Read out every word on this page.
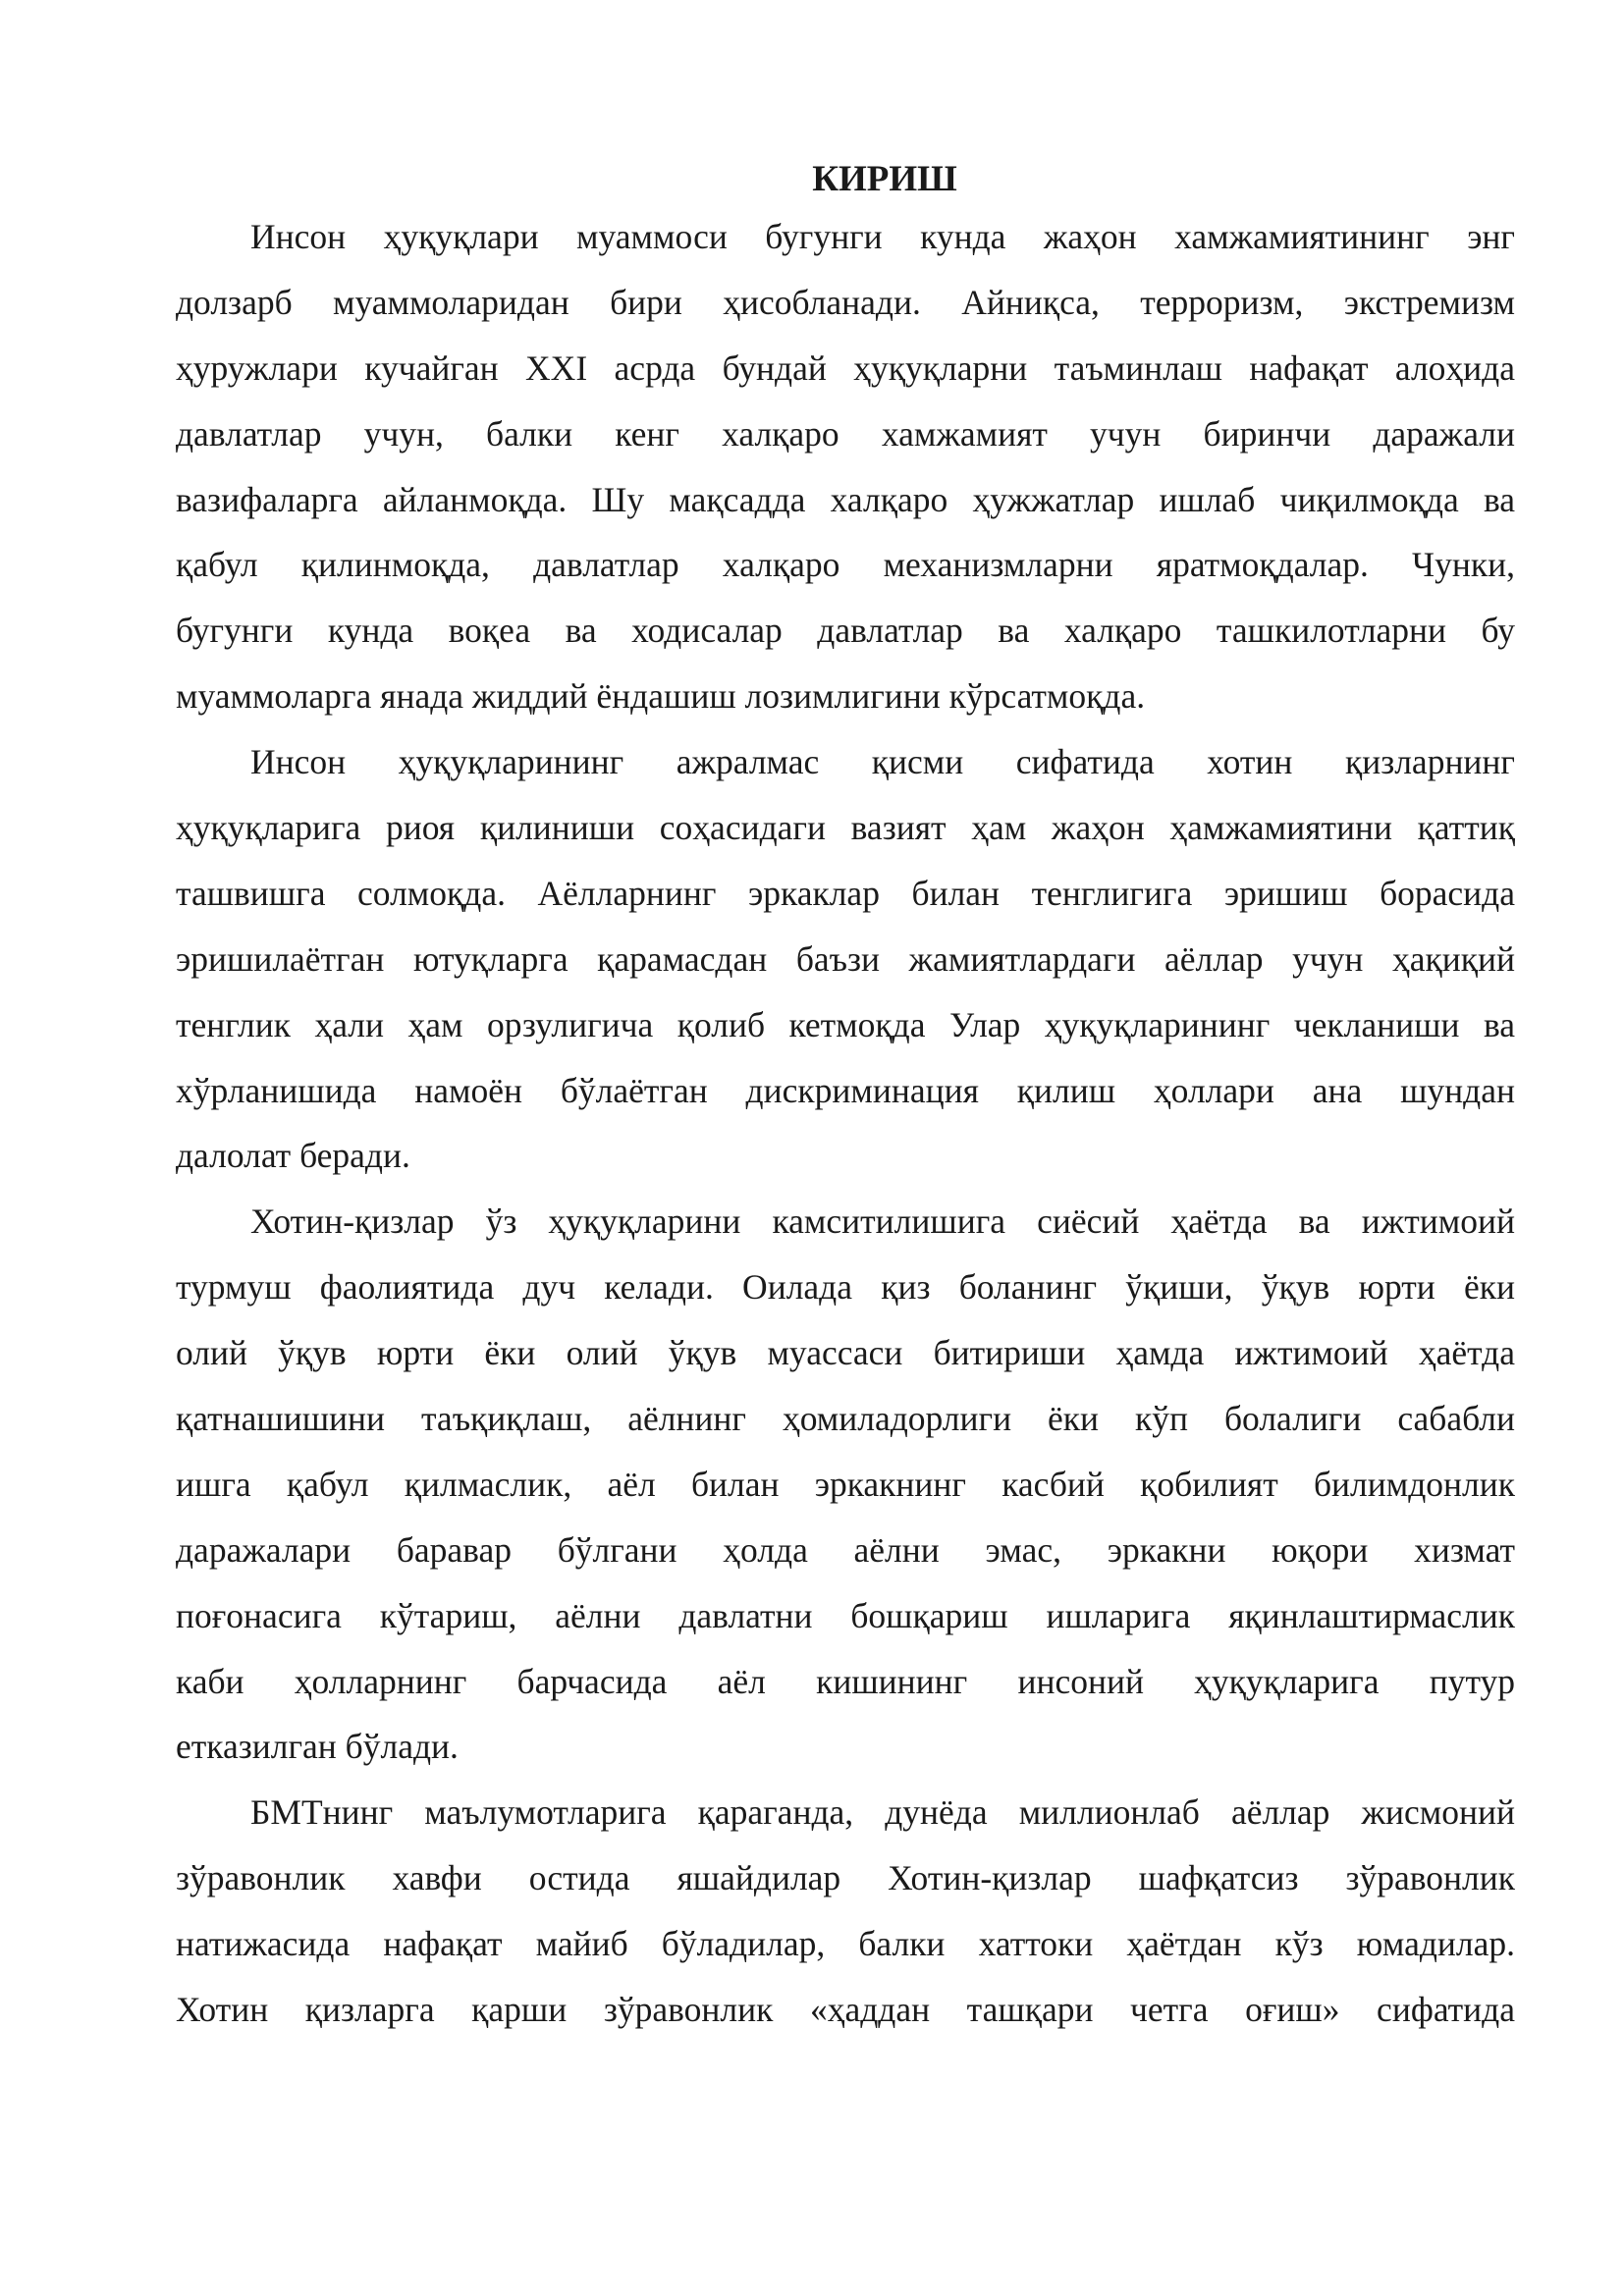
КИРИШ
Инсон ҳуқуқлари муаммоси бугунги кунда жаҳон хамжамиятининг энг
долзарб муаммоларидан бири ҳисобланади. Айниқса, терроризм, экстремизм
ҳуружлари кучайган XXI асрда бундай ҳуқуқларни таъминлаш нафақат алоҳида
давлатлар учун, балки кенг халқаро хамжамият учун биринчи даражали
вазифаларга айланмоқда. Шу мақсадда халқаро ҳужжатлар ишлаб чиқилмоқда ва
қабул қилинмоқда, давлатлар халқаро механизмларни яратмоқдалар. Чунки,
бугунги кунда воқеа ва ходисалар давлатлар ва халқаро ташкилотларни бу
муаммоларга янада жиддий ёндашиш лозимлигини кўрсатмоқда.
Инсон ҳуқуқларининг ажралмас қисми сифатида хотин қизларнинг
ҳуқуқларига риоя қилиниши соҳасидаги вазият ҳам жаҳон ҳамжамиятини қаттиқ
ташвишга солмоқда. Аёлларнинг эркаклар билан тенглигига эришиш борасида
эришилаётган ютуқларга қарамасдан баъзи жамиятлардаги аёллар учун ҳақиқий
тенглик ҳали ҳам орзулигича қолиб кетмоқда Улар ҳуқуқларининг чекланиши ва
хўрланишида намоён бўлаётган дискриминация қилиш ҳоллари ана шундан
далолат беради.
Хотин-қизлар ўз ҳуқуқларини камситилишига сиёсий ҳаётда ва ижтимоий
турмуш фаолиятида дуч келади. Оилада қиз боланинг ўқиши, ўқув юрти ёки
олий ўқув юрти ёки олий ўқув муассаси битириши ҳамда ижтимоий ҳаётда
қатнашишини таъқиқлаш, аёлнинг ҳомиладорлиги ёки кўп болалиги сабабли
ишга қабул қилмаслик, аёл билан эркакнинг касбий қобилият билимдонлик
даражалари баравар бўлгани ҳолда аёлни эмас, эркакни юқори хизмат
поғонасига кўтариш, аёлни давлатни бошқариш ишларига яқинлаштирмаслик
каби ҳолларнинг барчасида аёл кишининг инсоний ҳуқуқларига путур
етказилган бўлади.
БМТнинг маълумотларига қараганда, дунёда миллионлаб аёллар жисмоний
зўравонлик хавфи остида яшайдилар Хотин-қизлар шафқатсиз зўравонлик
натижасида нафақат майиб бўладилар, балки хаттоки ҳаётдан кўз юмадилар.
Хотин қизларга қарши зўравонлик «ҳаддан ташқари четга оғиш» сифатида
